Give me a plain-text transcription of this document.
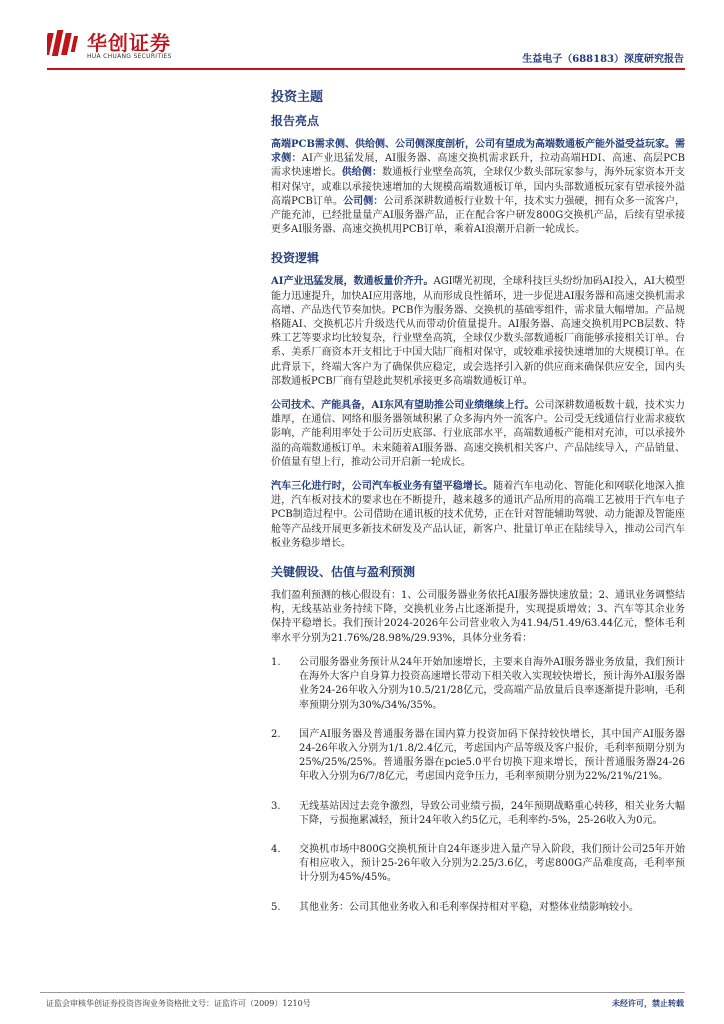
华创证券
HUA CHUANG SECURITIES	生益电子（688183）深度研究报告
投资主题
报告亮点
高端PCB需求侧、供给侧、公司侧深度剖析，公司有望成为高端数通板产能外溢受益玩家。需求侧：AI产业迅猛发展，AI服务器、高速交换机需求跃升，拉动高端HDI、高速、高层PCB需求快速增长。供给侧：数通板行业壁垒高筑，全球仅少数头部玩家参与，海外玩家资本开支相对保守，或难以承接快速增加的大规模高端数通板订单，国内头部数通板玩家有望承接外溢高端PCB订单。公司侧：公司系深耕数通板行业数十年，技术实力强硬，拥有众多一流客户，产能充沛，已经批量量产AI服务器产品，正在配合客户研发800G交换机产品，后续有望承接更多AI服务器、高速交换机用PCB订单，乘着AI浪潮开启新一轮成长。
投资逻辑
AI产业迅猛发展，数通板量价齐升。AGI曙光初现，全球科技巨头纷纷加码AI投入，AI大模型能力迅速提升，加快AI应用落地，从而形成良性循环，进一步促进AI服务器和高速交换机需求高增、产品迭代节奏加快。PCB作为服务器、交换机的基础零组件，需求量大幅增加。产品规格随AI、交换机芯片升级迭代从而带动价值量提升。AI服务器、高速交换机用PCB层数、特殊工艺等要求均比较复杂，行业壁垒高筑，全球仅少数头部数通板厂商能够承接相关订单。台系、美系厂商资本开支相比于中国大陆厂商相对保守，或较难承接快速增加的大规模订单。在此背景下，终端大客户为了确保供应稳定，或会选择引入新的供应商来确保供应安全，国内头部数通板PCB厂商有望趁此契机承接更多高端数通板订单。
公司技术、产能具备，AI东风有望助推公司业绩继续上行。公司深耕数通板数十载，技术实力雄厚，在通信、网络和服务器领域积累了众多海内外一流客户。公司受无线通信行业需求疲软影响，产能利用率处于公司历史底部、行业底部水平，高端数通板产能相对充沛，可以承接外溢的高端数通板订单。未来随着AI服务器、高速交换机相关客户、产品陆续导入，产品销量、价值量有望上行，推动公司开启新一轮成长。
汽车三化进行时，公司汽车板业务有望平稳增长。随着汽车电动化、智能化和网联化地深入推进，汽车板对技术的要求也在不断提升，越来越多的通讯产品所用的高端工艺被用于汽车电子PCB制造过程中。公司借助在通讯板的技术优势，正在针对智能辅助驾驶、动力能源及智能座舱等产品线开展更多新技术研发及产品认证，新客户、批量订单正在陆续导入，推动公司汽车板业务稳步增长。
关键假设、估值与盈利预测
我们盈利预测的核心假设有：1、公司服务器业务依托AI服务器快速放量；2、通讯业务调整结构，无线基站业务持续下降，交换机业务占比逐渐提升，实现提质增效；3、汽车等其余业务保持平稳增长。我们预计2024-2026年公司营业收入为41.94/51.49/63.44亿元，整体毛利率水平分别为21.76%/28.98%/29.93%，具体分业务看：
1. 公司服务器业务预计从24年开始加速增长，主要来自海外AI服务器业务放量，我们预计在海外大客户自身算力投资高速增长带动下相关收入实现较快增长，预计海外AI服务器业务24-26年收入分别为10.5/21/28亿元，受高端产品放量后良率逐渐提升影响，毛利率预期分别为30%/34%/35%。
2. 国产AI服务器及普通服务器在国内算力投资加码下保持较快增长，其中国产AI服务器24-26年收入分别为1/1.8/2.4亿元，考虑国内产品等级及客户报价，毛利率预期分别为25%/25%/25%。普通服务器在pcie5.0平台切换下迎来增长，预计普通服务器24-26年收入分别为6/7/8亿元，考虑国内竞争压力，毛利率预期分别为22%/21%/21%。
3. 无线基站因过去竞争激烈，导致公司业绩亏损，24年预期战略重心转移，相关业务大幅下降，亏损拖累减轻，预计24年收入约5亿元，毛利率约-5%，25-26收入为0元。
4. 交换机市场中800G交换机预计自24年逐步进入量产导入阶段，我们预计公司25年开始有相应收入，预计25-26年收入分别为2.25/3.6亿，考虑800G产品难度高，毛利率预计分别为45%/45%。
5. 其他业务：公司其他业务收入和毛利率保持相对平稳，对整体业绩影响较小。
证监会审核华创证券投资咨询业务资格批文号：证监许可（2009）1210号	未经许可，禁止转载
